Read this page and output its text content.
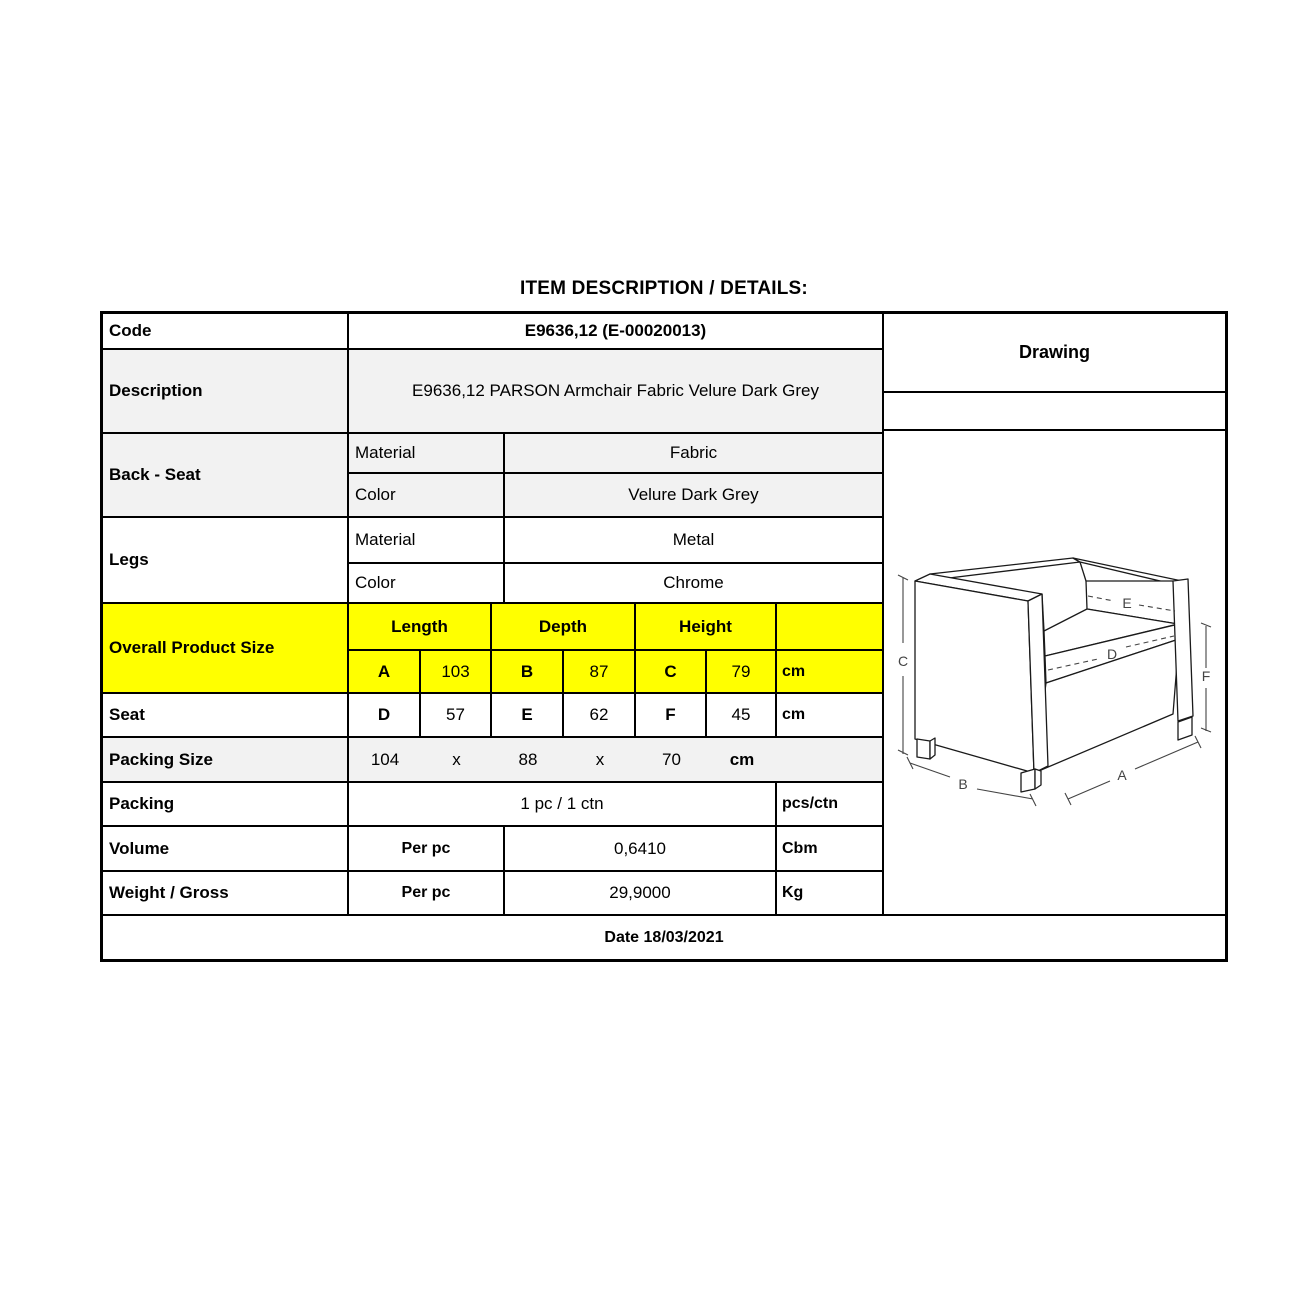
ITEM DESCRIPTION / DETAILS:
Code	E9636,12 (E-00020013)
Description	E9636,12 PARSON Armchair Fabric Velure Dark Grey
Back - Seat
Material	Fabric
Color	Velure Dark Grey
Legs
Material	Metal
Color	Chrome
Overall Product Size
Length	Depth	Height
A	103	B	87	C	79	cm
Seat	D	57	E	62	F	45	cm
Packing Size	104	x	88	x	70	cm
Packing	1 pc / 1 ctn	pcs/ctn
Volume	Per pc	0,6410	Cbm
Weight / Gross	Per pc	29,9000	Kg
Drawing
C
F
B
A
E
D
Date 18/03/2021
